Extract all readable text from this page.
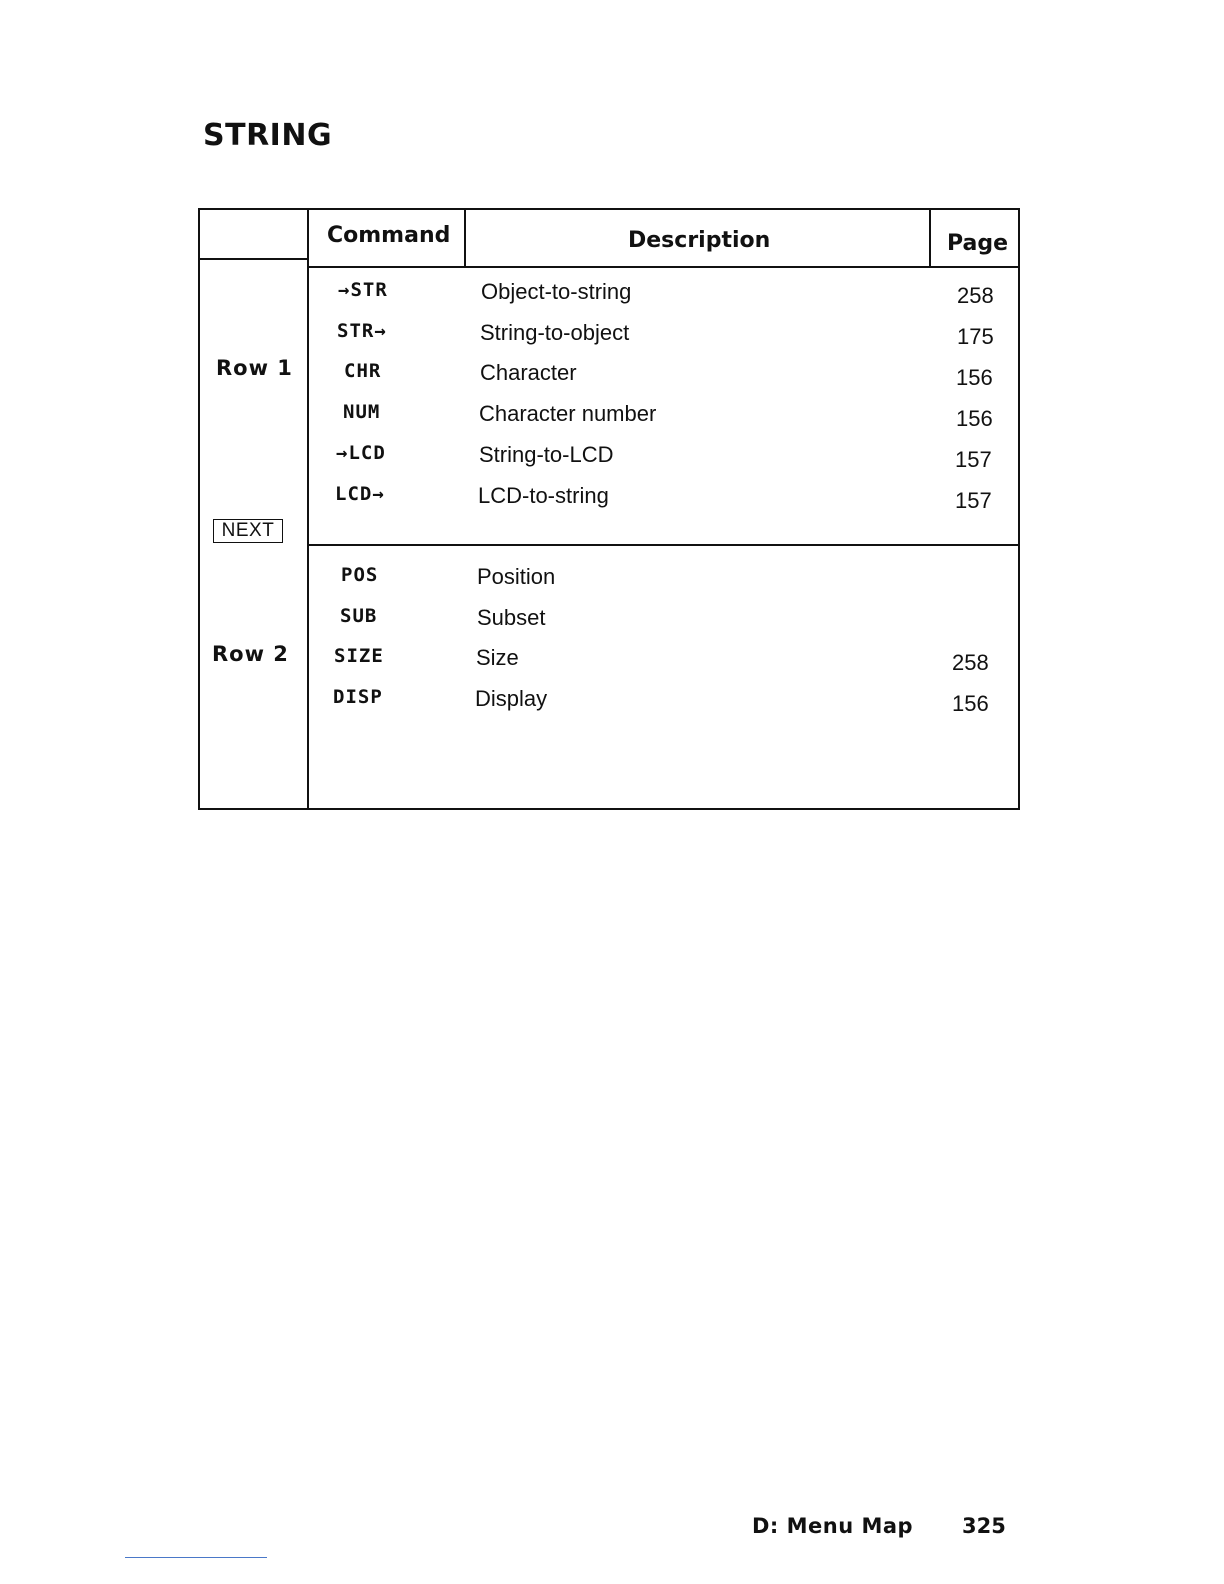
STRING
Command	Description	Page
Row 1
NEXT
Row 2
→STR	Object-to-string	258
STR→	String-to-object	175
CHR	Character	156
NUM	Character number	156
→LCD	String-to-LCD	157
LCD→	LCD-to-string	157
POS	Position
SUB	Subset
SIZE	Size	258
DISP	Display	156
D: Menu Map 325
